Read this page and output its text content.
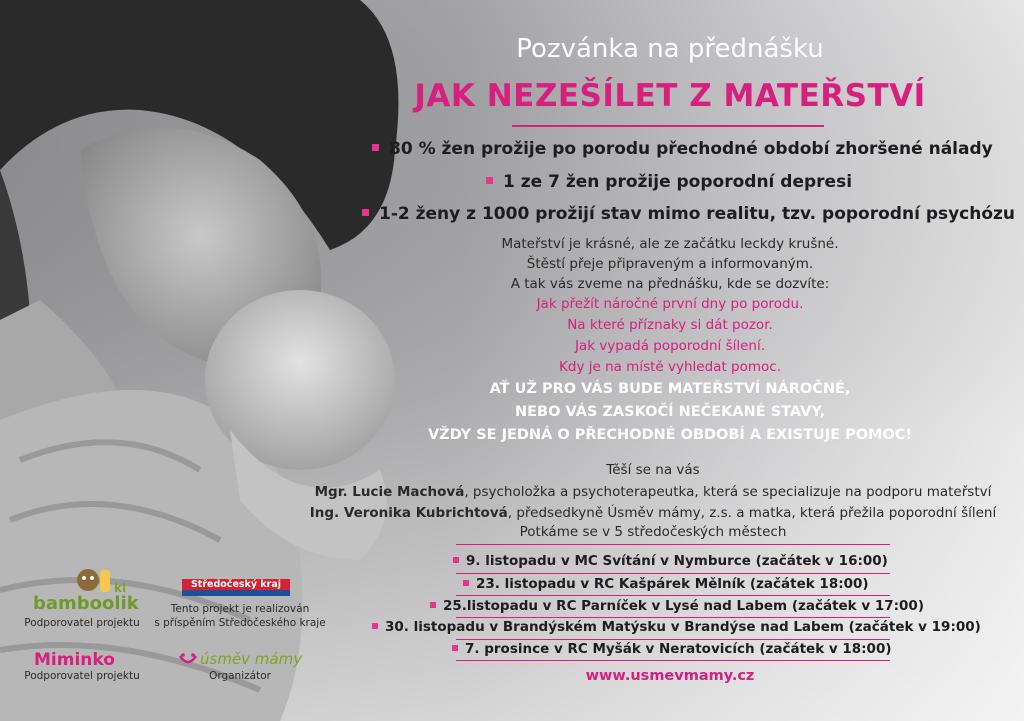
Pozvánka na přednášku
JAK NEZEŠÍLET Z MATEŘSTVÍ
80 % žen prožije po porodu přechodné období zhoršené nálady
1 ze 7 žen prožije poporodní depresi
1-2 ženy z 1000 prožijí stav mimo realitu, tzv. poporodní psychózu
Mateřství je krásné, ale ze začátku leckdy krušné.
Štěstí přeje připraveným a informovaným.
A tak vás zveme na přednášku, kde se dozvíte:
Jak přežít náročné první dny po porodu.
Na které příznaky si dát pozor.
Jak vypadá poporodní šílení.
Kdy je na místě vyhledat pomoc.
AŤ UŽ PRO VÁS BUDE MATEŘSTVÍ NÁROČNÉ,
NEBO VÁS ZASKOČÍ NEČEKANÉ STAVY,
VŽDY SE JEDNÁ O PŘECHODNÉ OBDOBÍ A EXISTUJE POMOC!
Těší se na vás
Mgr. Lucie Machová, psycholožka a psychoterapeutka, která se specializuje na podporu mateřství
Ing. Veronika Kubrichtová, předsedkyně Úsměv mámy, z.s. a matka, která přežila poporodní šílení
Potkáme se v 5 středočeských městech
9. listopadu v MC Svítání v Nymburce (začátek v 16:00)
23. listopadu v RC Kašpárek Mělník (začátek 18:00)
25.listopadu v RC Parníček v Lysé nad Labem (začátek v 17:00)
30. listopadu v Brandýském Matýsku v Brandýse nad Labem (začátek v 19:00)
7. prosince v RC Myšák v Neratovicích (začátek v 18:00)
www.usmevmamy.cz
kl
bamboolik
Podporovatel projektu
Středočeský kraj
Tento projekt je realizován
s příspěním Středočeského kraje
Miminko
Podporovatel projektu
úsměv mámy
Organizátor
